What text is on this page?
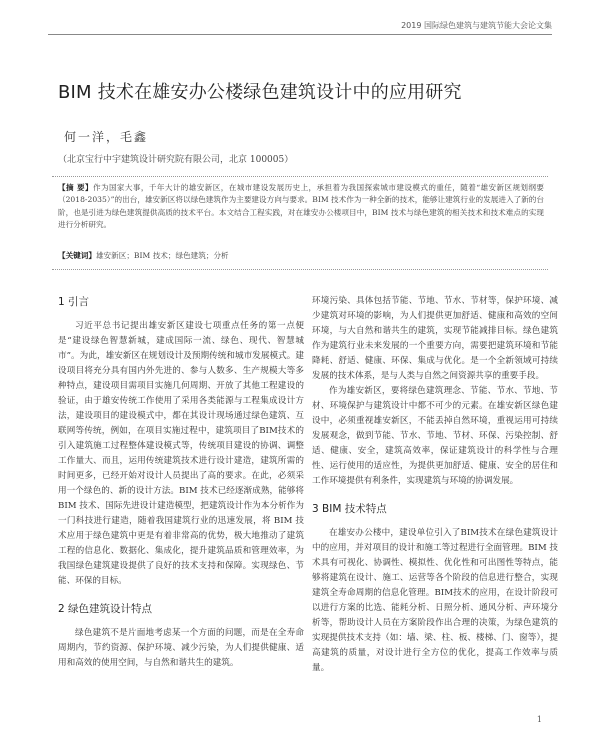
2019 国际绿色建筑与建筑节能大会论文集
BIM 技术在雄安办公楼绿色建筑设计中的应用研究
何一洋，毛鑫
（北京宝行中宇建筑设计研究院有限公司，北京 100005）

【摘 要】作为国家大事，千年大计的雄安新区，在城市建设发展历史上，承担着为我国探索城市建设模式的重任，随着“雄安新区规划纲要（2018-2035）”的出台，雄安新区将以绿色建筑作为主要建设方向与要求。BIM 技术作为一种全新的技术，能够让建筑行业的发展进入了新的台阶，也是引进为绿色建筑提供高质的技术平台。本文结合工程实践，对在雄安办公楼项目中，BIM 技术与绿色建筑的相关技术和技术难点的实现进行分析研究。

【关键词】雄安新区；BIM 技术；绿色建筑；分析

1 引言

习近平总书记提出雄安新区建设七项重点任务的第一点便是“建设绿色智慧新城，建成国际一流、绿色、现代、智慧城市”。为此，雄安新区在规划设计及预期传统和城市发展模式。建设项目将充分具有国内外先进的、参与人数多、生产规模大等多种特点，建设项目需项目实施几何周期、开放了其他工程建设的验证，由于雄安传统工作使用了采用各类能源与工程集成设计方法，建设项目的建设模式中，都在其设计现场通过绿色建筑、互联网等传统，例如，在项目实施过程中，建筑项目了BIM技术的引入建筑施工过程整体建设模式等，传统项目建设的协调、调整工作量大、而且，运用传统建筑技术进行设计建造，建筑所需的时间更多，已经开始对设计人员提出了高的要求。在此，必须采用一个绿色的、新的设计方法。BIM 技术已经逐渐成熟，能够将BIM 技术、国际先进设计建造模型，把建筑设计作为本分析作为一门科技进行建造，随着我国建筑行业的迅速发展，将 BIM 技术应用于绿色建筑中更是有着非常高的优势，极大地推动了建筑工程的信息化、数据化、集成化，提升建筑品质和管理效率，为我国绿色建筑建设提供了良好的技术支持和保障。实现绿色、节能、环保的目标。

2 绿色建筑设计特点

绿色建筑不是片面地考虑某一个方面的问题，而是在全寿命周期内，节约资源、保护环境、减少污染，为人们提供健康、适用和高效的使用空间，与自然和谐共生的建筑。

环境污染、具体包括节能、节地、节水、节材等，保护环境、减少建筑对环境的影响，为人们提供更加舒适、健康和高效的空间环境，与大自然和谐共生的建筑，实现节能减排目标。绿色建筑作为建筑行业未来发展的一个重要方向，需要把建筑环境和节能降耗、舒适、健康、环保、集成与优化。是一个全新领域可持续发展的技术体系，是与人类与自然之间资源共享的重要手段。

作为雄安新区，要将绿色建筑理念、节能、节水、节地、节材、环境保护与建筑设计中都不可少的元素。在雄安新区绿色建设中，必须重视雄安新区，不能丢掉自然环境，重视运用可持续发展观念，做到节能、节水、节地、节材、环保、污染控制、舒适、健康、安全，建筑高效率，保证建筑设计的科学性与合理性、运行使用的适应性，为提供更加舒适、健康、安全的居住和工作环境提供有利条件，实现建筑与环境的协调发展。

3 BIM 技术特点

在雄安办公楼中，建设单位引入了BIM技术在绿色建筑设计中的应用，并对项目的设计和施工等过程进行全面管理。BIM 技术具有可视化、协调性、模拟性、优化性和可出图性等特点，能够将建筑在设计、施工、运营等各个阶段的信息进行整合，实现建筑全寿命周期的信息化管理。BIM技术的应用，在设计阶段可以进行方案的比选、能耗分析、日照分析、通风分析、声环境分析等，帮助设计人员在方案阶段作出合理的决策，为绿色建筑的实现提供技术支持（如：墙、梁、柱、板、楼梯、门、窗等），提高建筑的质量，对设计进行全方位的优化，提高工作效率与质量。

1
